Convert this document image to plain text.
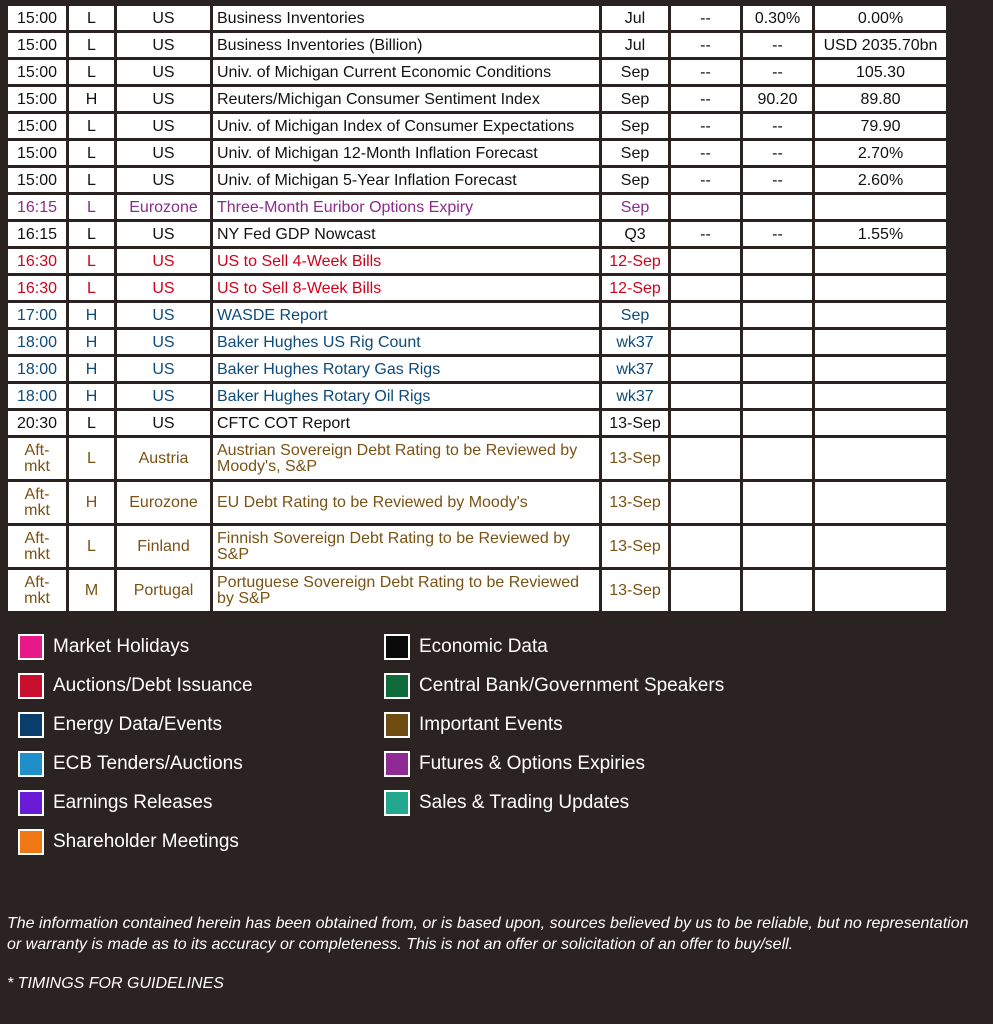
15:00	L	US	Business Inventories	Jul	--	0.30%	0.00%
15:00	L	US	Business Inventories (Billion)	Jul	--	--	USD 2035.70bn
15:00	L	US	Univ. of Michigan Current Economic Conditions	Sep	--	--	105.30
15:00	H	US	Reuters/Michigan Consumer Sentiment Index	Sep	--	90.20	89.80
15:00	L	US	Univ. of Michigan Index of Consumer Expectations	Sep	--	--	79.90
15:00	L	US	Univ. of Michigan 12-Month Inflation Forecast	Sep	--	--	2.70%
15:00	L	US	Univ. of Michigan 5-Year Inflation Forecast	Sep	--	--	2.60%
16:15	L	Eurozone	Three-Month Euribor Options Expiry	Sep			
16:15	L	US	NY Fed GDP Nowcast	Q3	--	--	1.55%
16:30	L	US	US to Sell 4-Week Bills	12-Sep			
16:30	L	US	US to Sell 8-Week Bills	12-Sep			
17:00	H	US	WASDE Report	Sep			
18:00	H	US	Baker Hughes US Rig Count	wk37			
18:00	H	US	Baker Hughes Rotary Gas Rigs	wk37			
18:00	H	US	Baker Hughes Rotary Oil Rigs	wk37			
20:30	L	US	CFTC COT Report	13-Sep			
Aft-mkt	L	Austria	Austrian Sovereign Debt Rating to be Reviewed by Moody's, S&P	13-Sep			
Aft-mkt	H	Eurozone	EU Debt Rating to be Reviewed by Moody's	13-Sep			
Aft-mkt	L	Finland	Finnish Sovereign Debt Rating to be Reviewed by S&P	13-Sep			
Aft-mkt	M	Portugal	Portuguese Sovereign Debt Rating to be Reviewed by S&P	13-Sep			
Market Holidays
Auctions/Debt Issuance
Energy Data/Events
ECB Tenders/Auctions
Earnings Releases
Shareholder Meetings
Economic Data
Central Bank/Government Speakers
Important Events
Futures & Options Expiries
Sales & Trading Updates
The information contained herein has been obtained from, or is based upon, sources believed by us to be reliable, but no representation or warranty is made as to its accuracy or completeness. This is not an offer or solicitation of an offer to buy/sell.
* TIMINGS FOR GUIDELINES
